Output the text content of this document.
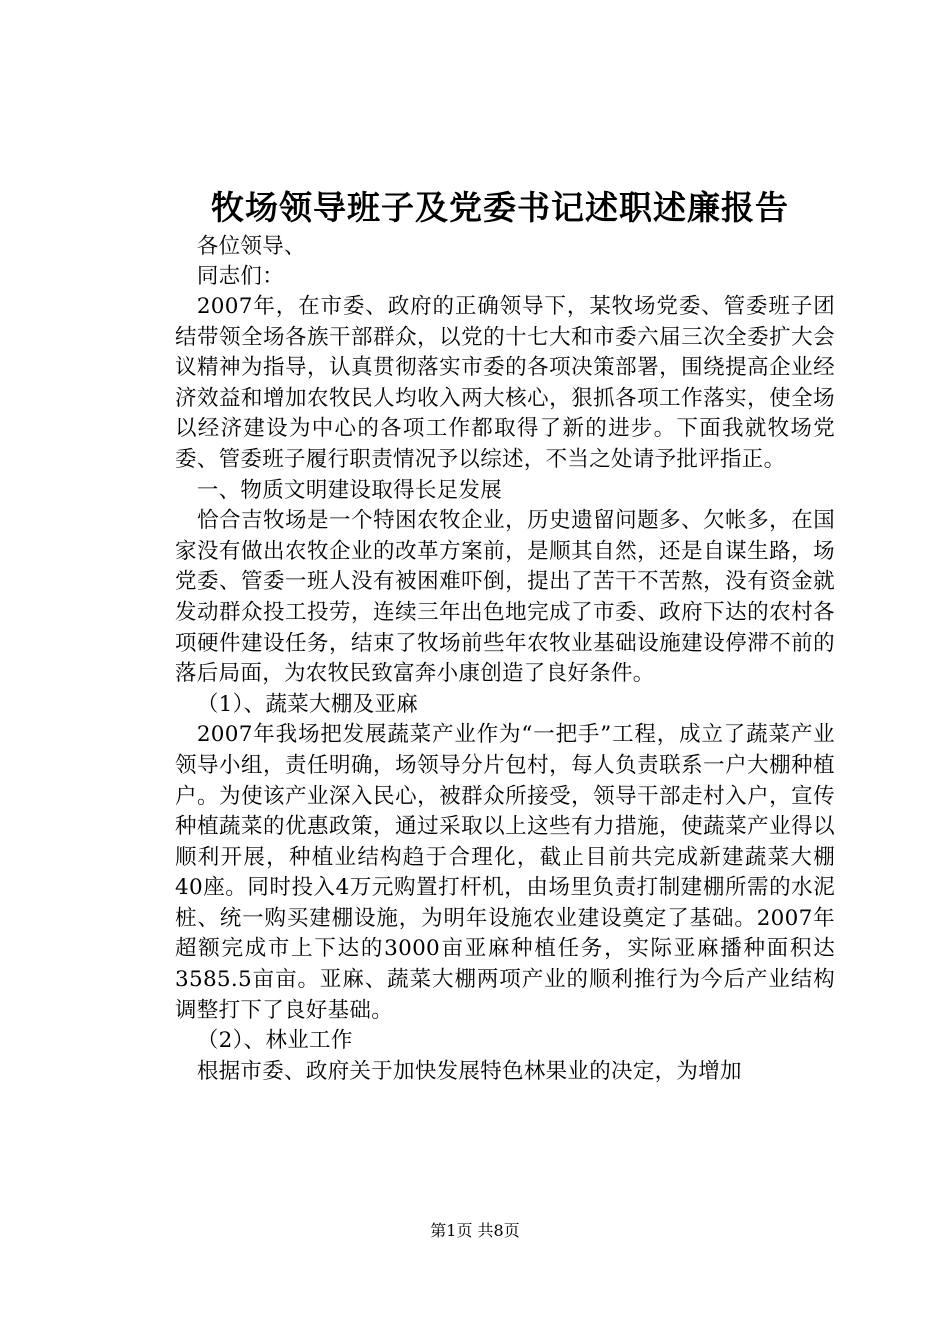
牧场领导班子及党委书记述职述廉报告
 各位领导、
 同志们：

 2007年，在市委、政府的正确领导下，某牧场党委、管委班子团结带领全场各族干部群众，以党的十七大和市委六届三次全委扩大会议精神为指导，认真贯彻落实市委的各项决策部署，围绕提高企业经济效益和增加农牧民人均收入两大核心，狠抓各项工作落实，使全场以经济建设为中心的各项工作都取得了新的进步。下面我就牧场党委、管委班子履行职责情况予以综述，不当之处请予批评指正。

 一、物质文明建设取得长足发展

 恰合吉牧场是一个特困农牧企业，历史遗留问题多、欠帐多，在国家没有做出农牧企业的改革方案前，是顺其自然，还是自谋生路，场党委、管委一班人没有被困难吓倒，提出了苦干不苦熬，没有资金就发动群众投工投劳，连续三年出色地完成了市委、政府下达的农村各项硬件建设任务，结束了牧场前些年农牧业基础设施建设停滞不前的落后局面，为农牧民致富奔小康创造了良好条件。

 （1）、蔬菜大棚及亚麻

 2007年我场把发展蔬菜产业作为“一把手”工程，成立了蔬菜产业领导小组，责任明确，场领导分片包村，每人负责联系一户大棚种植户。为使该产业深入民心，被群众所接受，领导干部走村入户，宣传种植蔬菜的优惠政策，通过采取以上这些有力措施，使蔬菜产业得以顺利开展，种植业结构趋于合理化，截止目前共完成新建蔬菜大棚40座。同时投入4万元购置打杆机，由场里负责打制建棚所需的水泥桩、统一购买建棚设施，为明年设施农业建设奠定了基础。2007年超额完成市上下达的3000亩亚麻种植任务，实际亚麻播种面积达3585.5亩亩。亚麻、蔬菜大棚两项产业的顺利推行为今后产业结构调整打下了良好基础。

 （2）、林业工作

 根据市委、政府关于加快发展特色林果业的决定，为增加

第1页 共8页
